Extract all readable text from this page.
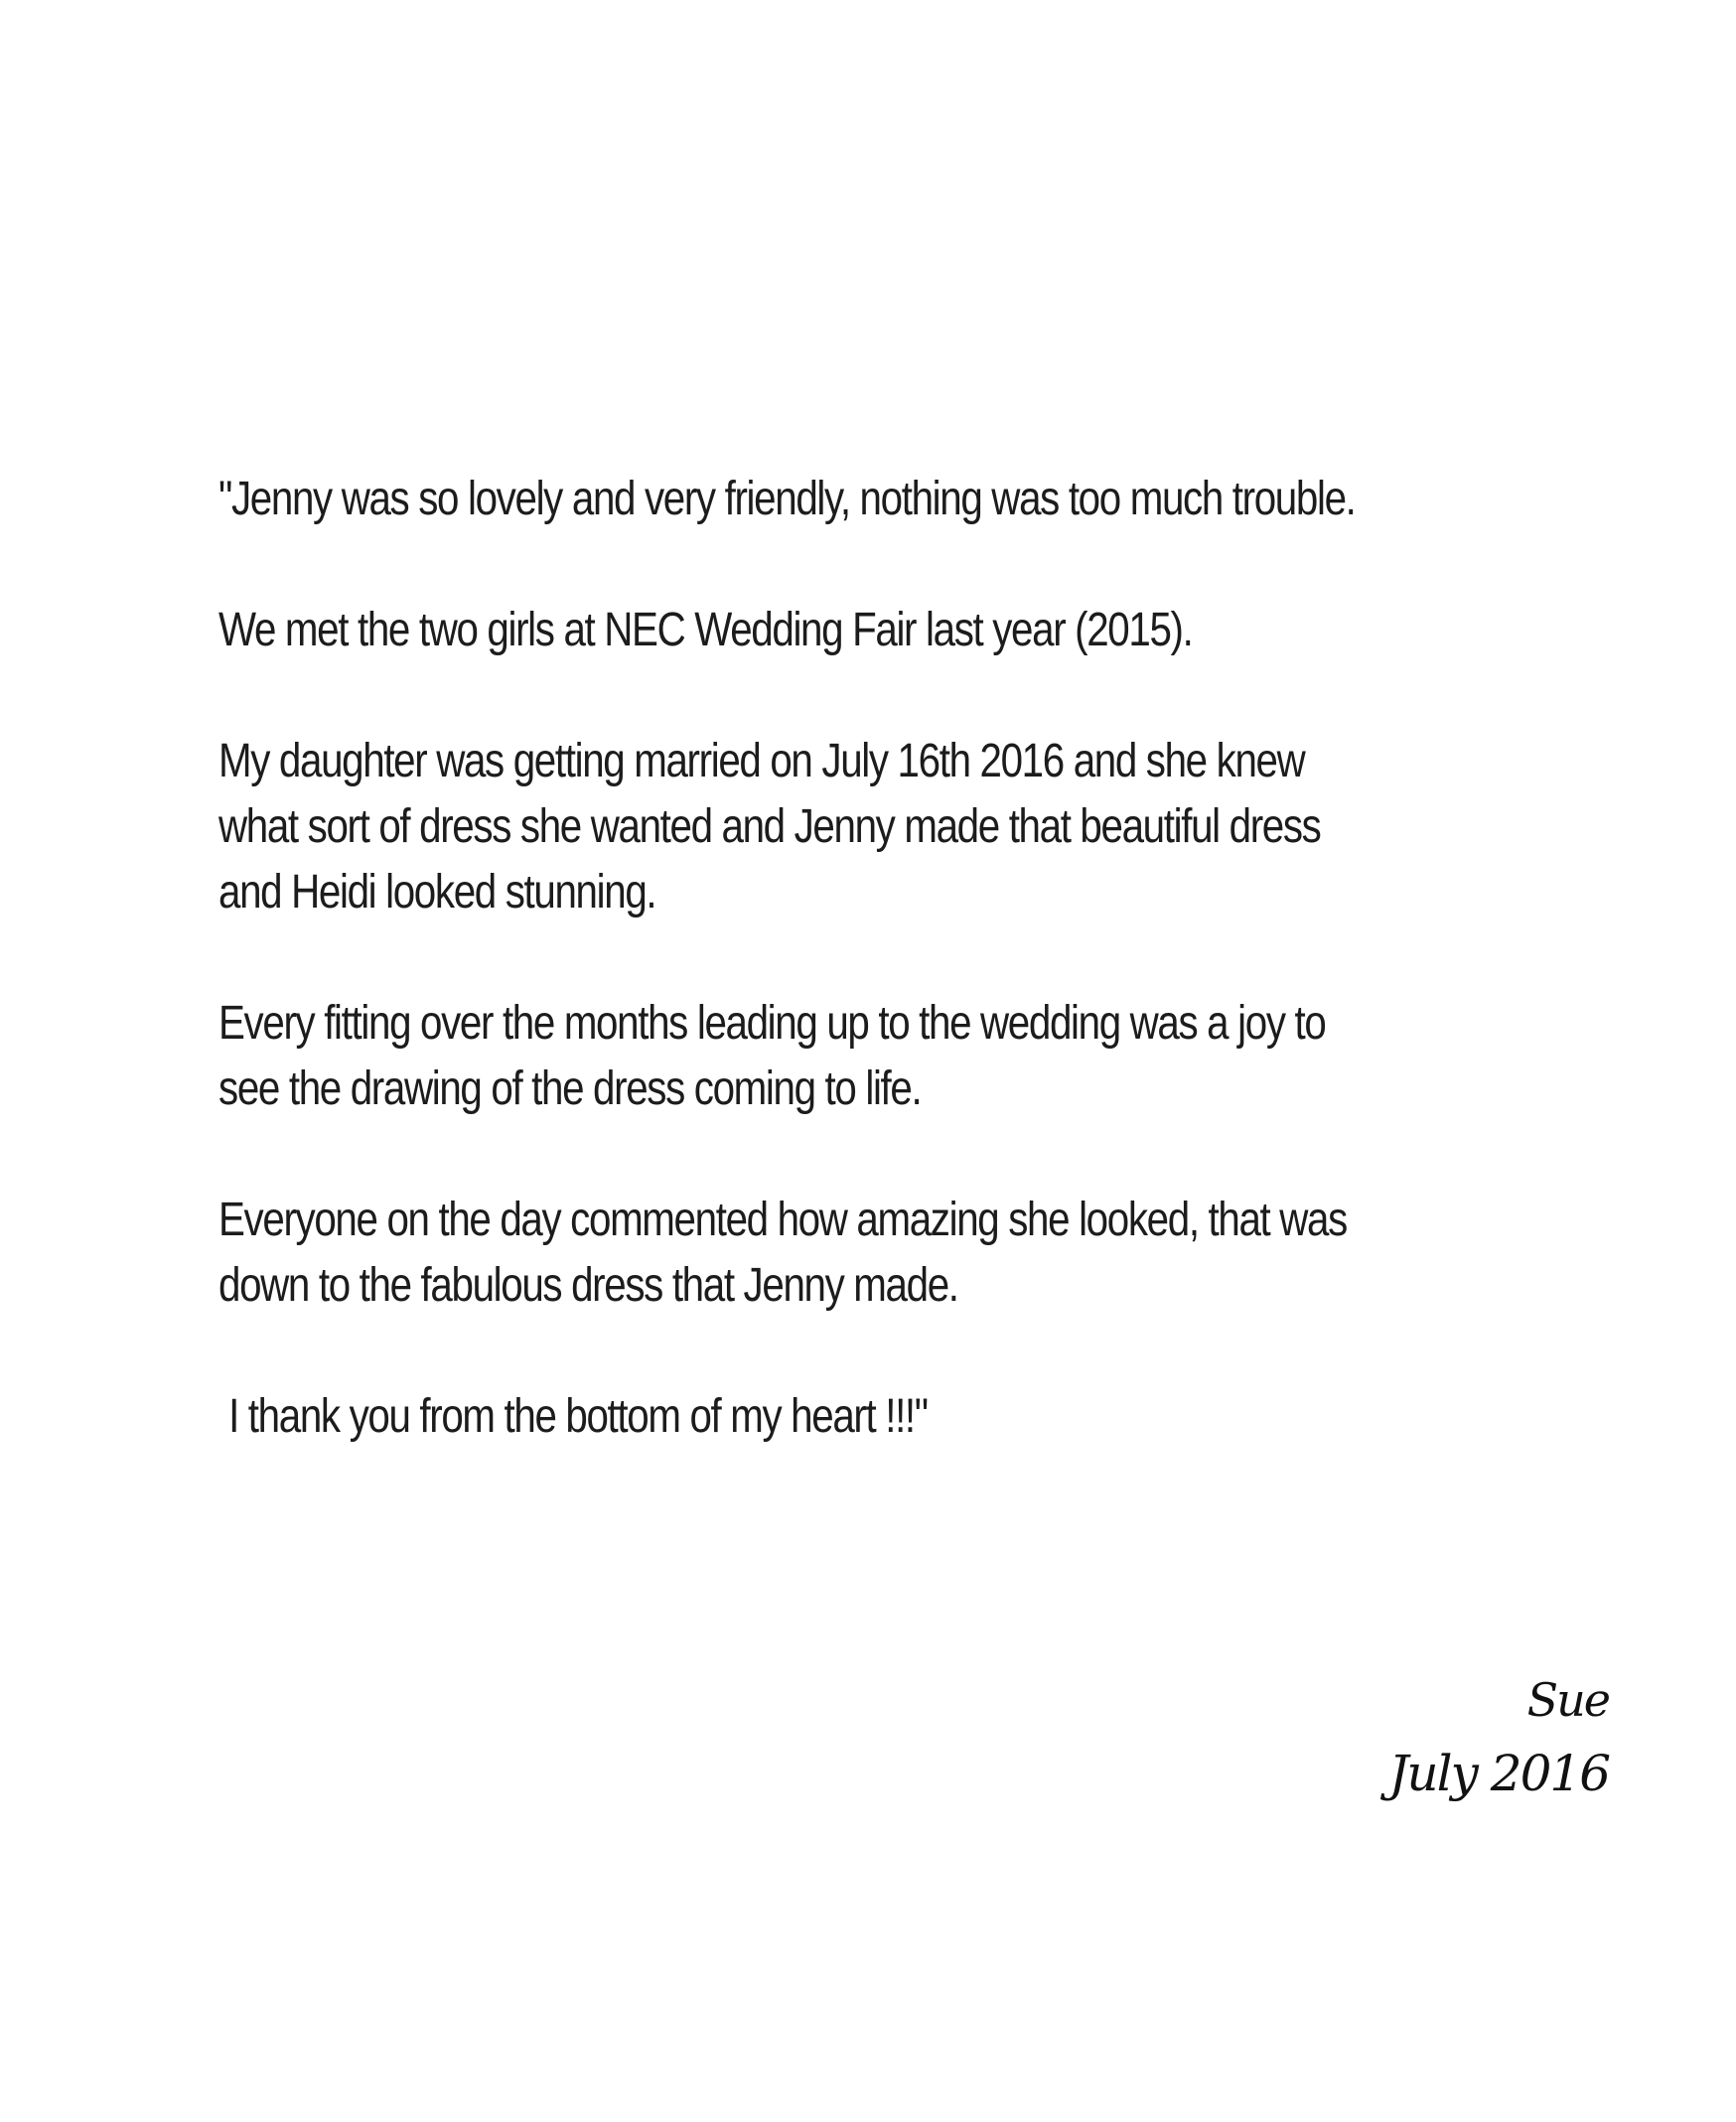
"Jenny was so lovely and very friendly, nothing was too much trouble.

We met the two girls at NEC Wedding Fair last year (2015).

My daughter was getting married on July 16th 2016 and she knew
what sort of dress she wanted and Jenny made that beautiful dress
and Heidi looked stunning.

Every fitting over the months leading up to the wedding was a joy to
see the drawing of the dress coming to life.

Everyone on the day commented how amazing she looked, that was
down to the fabulous dress that Jenny made.

I thank you from the bottom of my heart !!!"

Sue
July 2016
